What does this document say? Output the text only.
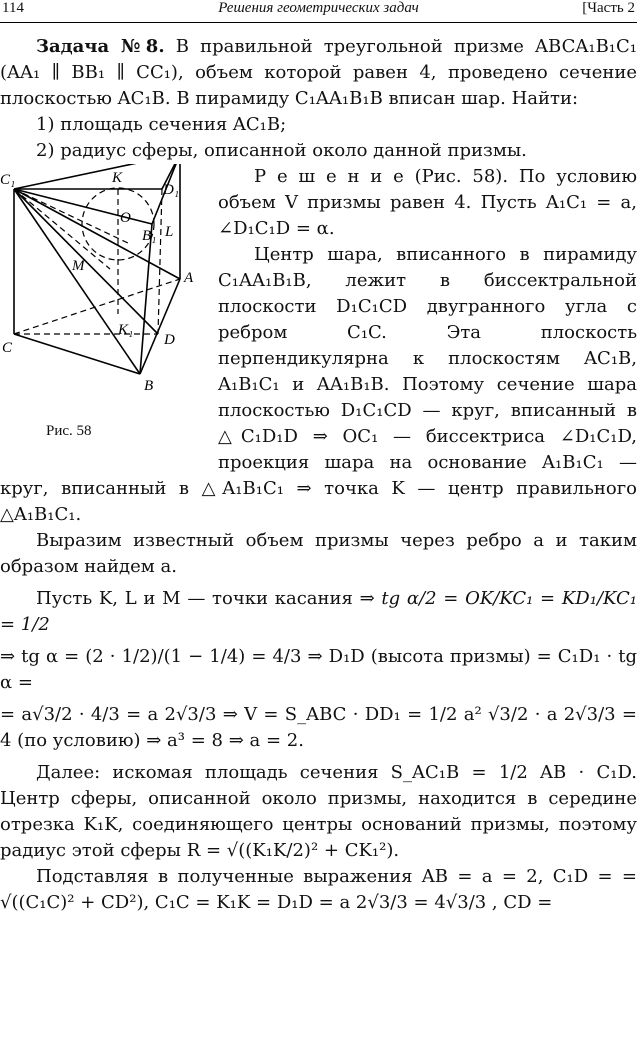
114	Решения геометрических задач	[Часть 2

Задача №8. В правильной треугольной призме ABCA₁B₁C₁ (AA₁ ∥ BB₁ ∥ CC₁), объем которой равен 4, проведено сечение плоскостью AC₁B. В пирамиду C₁AA₁B₁B вписан шар. Найти:

1) площадь сечения AC₁B;

2) радиус сферы, описанной около данной призмы.

C₁	K
D₁
O
B₁ L
M
A
C
K₁
D
B
Рис. 58

Р е ш е н и е (Рис. 58). По условию объем V призмы равен 4. Пусть A₁C₁ = a, ∠D₁C₁D = α.

Центр шара, вписанного в пирамиду C₁AA₁B₁B, лежит в биссектральной плоскости D₁C₁CD двугранного угла с ребром C₁C. Эта плоскость перпендикулярна к плоскостям AC₁B, A₁B₁C₁ и AA₁B₁B. Поэтому сечение шара плоскостью D₁C₁CD — круг, вписанный в △C₁D₁D ⇒ OC₁ — биссектриса ∠D₁C₁D, проекция шара на основание A₁B₁C₁ — круг, вписанный в △A₁B₁C₁ ⇒ точка K — центр правильного △A₁B₁C₁.

Выразим известный объем призмы через ребро a и таким образом найдем a.

Пусть K, L и M — точки касания ⇒ tg α/2 = OK/KC₁ = KD₁/KC₁ = 1/2

⇒ tg α = (2 · 1/2)/(1 − 1/4) = 4/3 ⇒ D₁D (высота призмы) = C₁D₁ · tg α =

= a√3/2 · 4/3 = a 2√3/3 ⇒ V = S_ABC · DD₁ = 1/2 a² √3/2 · a 2√3/3 = 4 (по условию) ⇒ a³ = 8 ⇒ a = 2.

Далее: искомая площадь сечения S_AC₁B = 1/2 AB · C₁D. Центр сферы, описанной около призмы, находится в середине отрезка K₁K, соединяющего центры оснований призмы, поэтому радиус этой сферы R = √((K₁K/2)² + CK₁²).

Подставляя в полученные выражения AB = a = 2, C₁D = = √((C₁C)² + CD²), C₁C = K₁K = D₁D = a 2√3/3 = 4√3/3 , CD =
